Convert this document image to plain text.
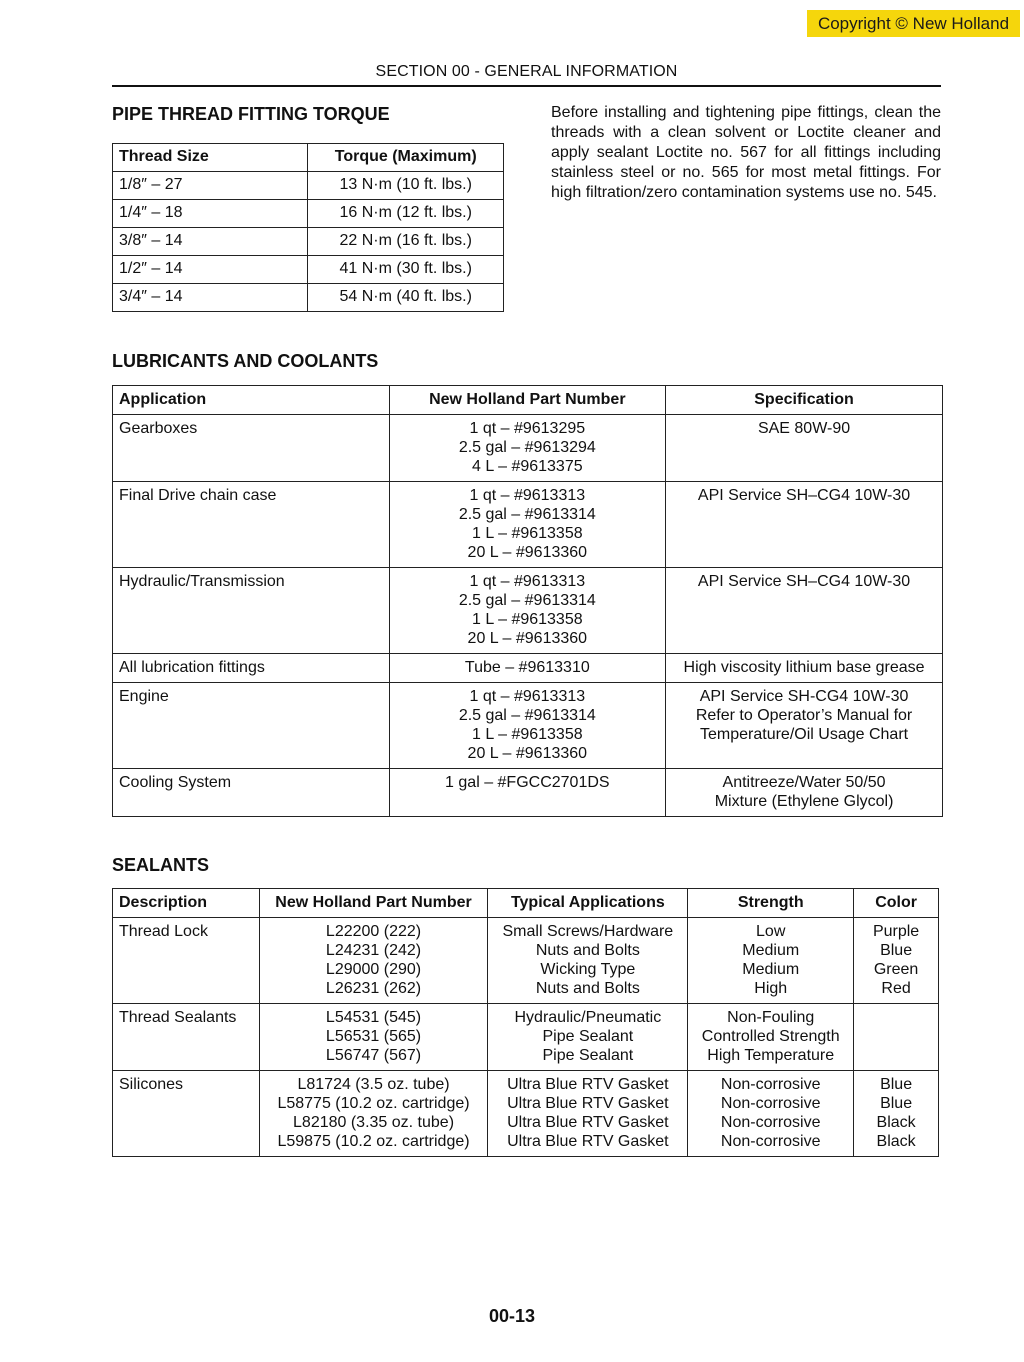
Copyright © New Holland
SECTION 00 - GENERAL INFORMATION
PIPE THREAD FITTING TORQUE	Before installing and tightening pipe fittings, clean the threads with a clean solvent or Loctite cleaner and apply sealant Loctite no. 567 for all fittings including stainless steel or no. 565 for most metal fittings. For high filtration/zero contamination systems use no. 545.
Thread Size	Torque (Maximum)
1/8″ – 27	13 N·m (10 ft. lbs.)
1/4″ – 18	16 N·m (12 ft. lbs.)
3/8″ – 14	22 N·m (16 ft. lbs.)
1/2″ – 14	41 N·m (30 ft. lbs.)
3/4″ – 14	54 N·m (40 ft. lbs.)
LUBRICANTS AND COOLANTS
Application	New Holland Part Number	Specification
Gearboxes	1 qt – #9613295
2.5 gal – #9613294
4 L – #9613375	SAE 80W-90

Final Drive chain case	1 qt – #9613313
2.5 gal – #9613314
1 L – #9613358
20 L – #9613360	API Service SH–CG4 10W-30

Hydraulic/Transmission	1 qt – #9613313
2.5 gal – #9613314
1 L – #9613358
20 L – #9613360	API Service SH–CG4 10W-30

All lubrication fittings	Tube – #9613310	High viscosity lithium base grease

Engine	1 qt – #9613313
2.5 gal – #9613314
1 L – #9613358
20 L – #9613360	API Service SH-CG4 10W-30
Refer to Operator’s Manual for
Temperature/Oil Usage Chart

Cooling System	1 gal – #FGCC2701DS	Antitreeze/Water 50/50
Mixture (Ethylene Glycol)
SEALANTS
Description	New Holland Part Number	Typical Applications	Strength	Color
Thread Lock	L22200 (222)
L24231 (242)
L29000 (290)
L26231 (262)	Small Screws/Hardware
Nuts and Bolts
Wicking Type
Nuts and Bolts	Low
Medium
Medium
High	Purple
Blue
Green
Red

Thread Sealants	L54531 (545)
L56531 (565)
L56747 (567)	Hydraulic/Pneumatic
Pipe Sealant
Pipe Sealant	Non-Fouling
Controlled Strength
High Temperature	

Silicones	L81724 (3.5 oz. tube)
L58775 (10.2 oz. cartridge)
L82180 (3.35 oz. tube)
L59875 (10.2 oz. cartridge)	Ultra Blue RTV Gasket
Ultra Blue RTV Gasket
Ultra Blue RTV Gasket
Ultra Blue RTV Gasket	Non-corrosive
Non-corrosive
Non-corrosive
Non-corrosive	Blue
Blue
Black
Black
00-13
